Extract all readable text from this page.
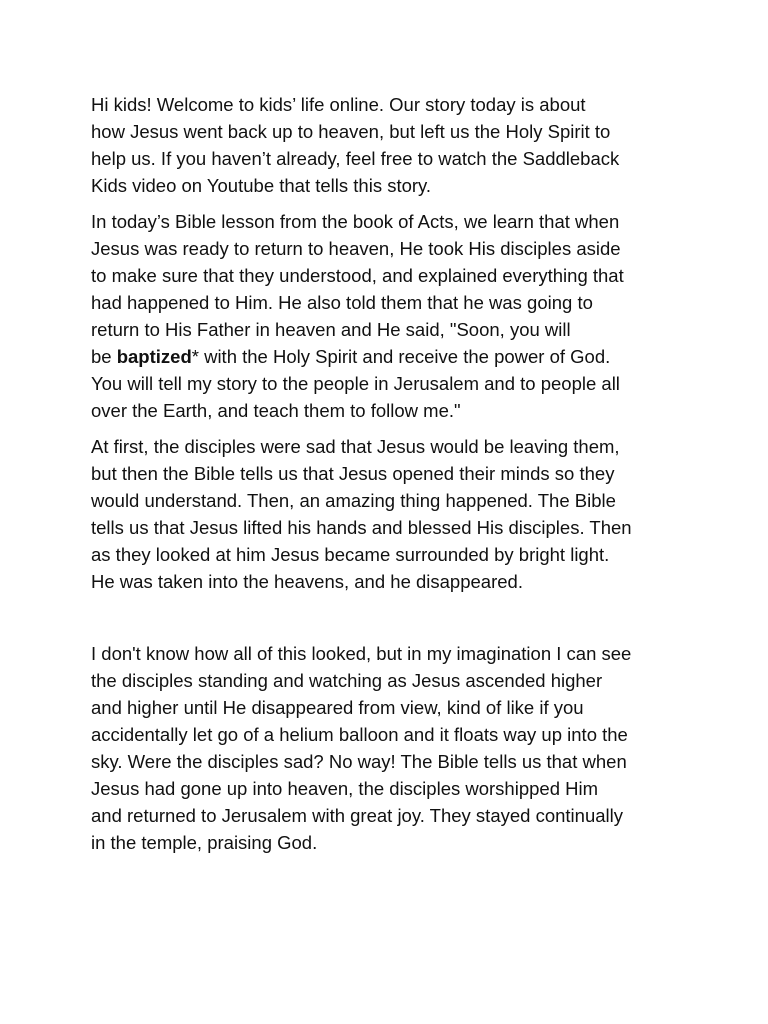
Hi kids! Welcome to kids’ life online. Our story today is about
how Jesus went back up to heaven, but left us the Holy Spirit to
help us. If you haven’t already, feel free to watch the Saddleback
Kids video on Youtube that tells this story.

In today’s Bible lesson from the book of Acts, we learn that when
Jesus was ready to return to heaven, He took His disciples aside
to make sure that they understood, and explained everything that
had happened to Him. He also told them that he was going to
return to His Father in heaven and He said, "Soon, you will
be baptized* with the Holy Spirit and receive the power of God.
You will tell my story to the people in Jerusalem and to people all
over the Earth, and teach them to follow me."

At first, the disciples were sad that Jesus would be leaving them,
but then the Bible tells us that Jesus opened their minds so they
would understand. Then, an amazing thing happened. The Bible
tells us that Jesus lifted his hands and blessed His disciples. Then
as they looked at him Jesus became surrounded by bright light.
He was taken into the heavens, and he disappeared.

I don't know how all of this looked, but in my imagination I can see
the disciples standing and watching as Jesus ascended higher
and higher until He disappeared from view, kind of like if you
accidentally let go of a helium balloon and it floats way up into the
sky. Were the disciples sad? No way! The Bible tells us that when
Jesus had gone up into heaven, the disciples worshipped Him
and returned to Jerusalem with great joy. They stayed continually
in the temple, praising God.
